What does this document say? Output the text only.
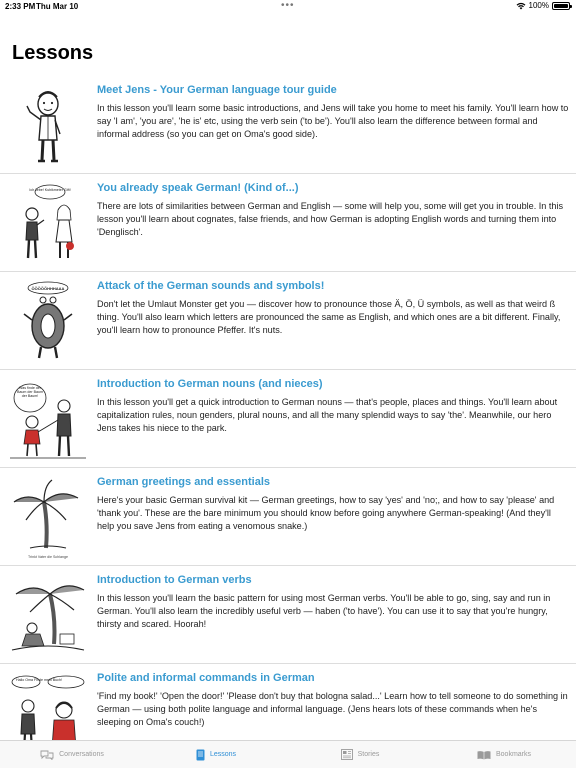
2:33 PM Thu Mar 10	•••	100%
Lessons
Meet Jens - Your German language tour guide
In this lesson you'll learn some basic introductions, and Jens will take you home to meet his family. You'll learn how to say 'I am', 'you are', 'he is' etc, using the verb sein ('to be'). You'll also learn the difference between formal and informal address (so you can get on Oma's good side).
Ich liebe! Kubikmeter Gift! You already speak German! (Kind of...)
There are lots of similarities between German and English — some will help you, some will get you in trouble. In this lesson you'll learn about cognates, false friends, and how German is adopting English words and turning them into 'Denglisch'.
ÖÖÖÖÖHHHAAA	Attack of the German sounds and symbols!
Don't let the Umlaut Monster get you — discover how to pronounce those Ä, Ö, Ü symbols, as well as that weird ß thing. You'll also learn which letters are pronounced the same as English, and which ones are a bit different. Finally, you'll learn how to pronounce Pfeffer. It's nuts.
Was finde der Baum der Baum der Baum!
Introduction to German nouns (and nieces)
In this lesson you'll get a quick introduction to German nouns — that's people, places and things. You'll learn about capitalization rules, noun genders, plural nouns, and all the many splendid ways to say 'the'. Meanwhile, our hero Jens takes his niece to the park.
Trinkt Vater die Schlange
German greetings and essentials
Here's your basic German survival kit — German greetings, how to say 'yes' and 'no;, and how to say 'please' and 'thank you'. These are the bare minimum you should know before going anywhere German-speaking! (And they'll help you save Jens from eating a venomous snake.)
Introduction to German verbs
In this lesson you'll learn the basic pattern for using most German verbs. You'll be able to go, sing, say and run in German. You'll also learn the incredibly useful verb — haben ('to have'). You can use it to say that you're hungry, thirsty and scared. Hoorah!
Hallo Oma Finde mein Buch!	Polite and informal commands in German
'Find my book!' 'Open the door!' 'Please don't buy that bologna salad...' Learn how to tell someone to do something in German — using both polite language and informal language. (Jens hears lots of these commands when he's sleeping on Oma's couch!)
Conversations	Lessons	Stories	Bookmarks
